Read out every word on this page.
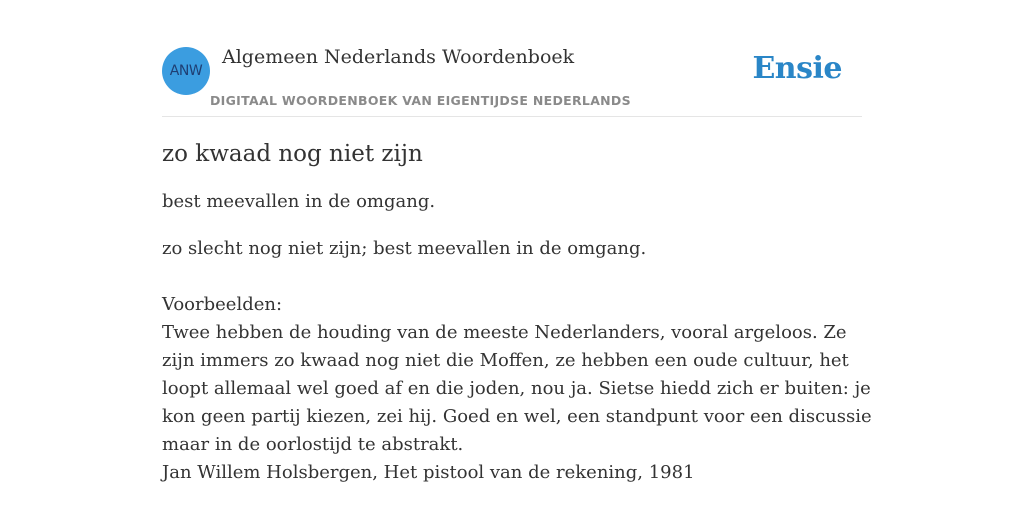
ANW
Algemeen Nederlands Woordenboek
DIGITAAL WOORDENBOEK VAN EIGENTIJDSE NEDERLANDS
Ensie
zo kwaad nog niet zijn
best meevallen in de omgang.
zo slecht nog niet zijn; best meevallen in de omgang.
Voorbeelden:
Twee hebben de houding van de meeste Nederlanders, vooral argeloos. Ze zijn immers zo kwaad nog niet die Moffen, ze hebben een oude cultuur, het loopt allemaal wel goed af en die joden, nou ja. Sietse hiedd zich er buiten: je kon geen partij kiezen, zei hij. Goed en wel, een standpunt voor een discussie maar in de oorlostijd te abstrakt.
Jan Willem Holsbergen, Het pistool van de rekening, 1981
